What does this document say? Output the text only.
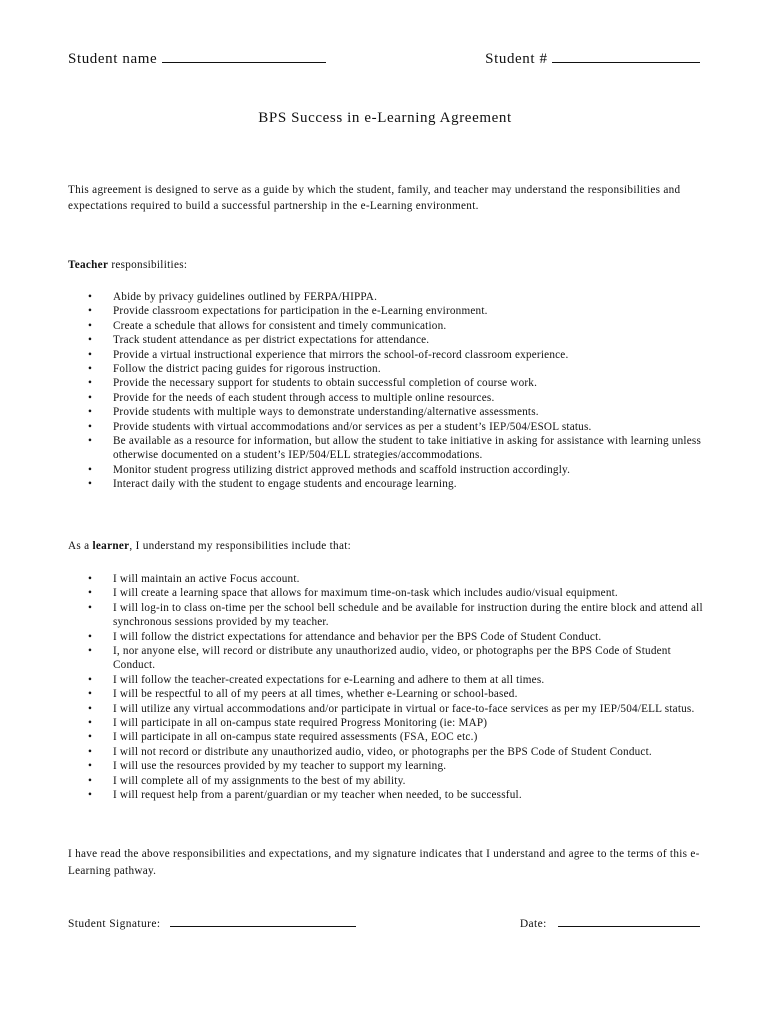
Student name	Student #
BPS Success in e-Learning Agreement
This agreement is designed to serve as a guide by which the student, family, and teacher may understand the responsibilities and expectations required to build a successful partnership in the e-Learning environment.
Teacher responsibilities:
• Abide by privacy guidelines outlined by FERPA/HIPPA.
• Provide classroom expectations for participation in the e-Learning environment.
• Create a schedule that allows for consistent and timely communication.
• Track student attendance as per district expectations for attendance.
• Provide a virtual instructional experience that mirrors the school-of-record classroom experience.
• Follow the district pacing guides for rigorous instruction.
• Provide the necessary support for students to obtain successful completion of course work.
• Provide for the needs of each student through access to multiple online resources.
• Provide students with multiple ways to demonstrate understanding/alternative assessments.
• Provide students with virtual accommodations and/or services as per a student’s IEP/504/ESOL status.
• Be available as a resource for information, but allow the student to take initiative in asking for assistance with learning unless otherwise documented on a student’s IEP/504/ELL strategies/accommodations.
• Monitor student progress utilizing district approved methods and scaffold instruction accordingly.
• Interact daily with the student to engage students and encourage learning.
As a learner, I understand my responsibilities include that:
• I will maintain an active Focus account.
• I will create a learning space that allows for maximum time-on-task which includes audio/visual equipment.
• I will log-in to class on-time per the school bell schedule and be available for instruction during the entire block and attend all synchronous sessions provided by my teacher.
• I will follow the district expectations for attendance and behavior per the BPS Code of Student Conduct.
• I, nor anyone else, will record or distribute any unauthorized audio, video, or photographs per the BPS Code of Student Conduct.
• I will follow the teacher-created expectations for e-Learning and adhere to them at all times.
• I will be respectful to all of my peers at all times, whether e-Learning or school-based.
• I will utilize any virtual accommodations and/or participate in virtual or face-to-face services as per my IEP/504/ELL status.
• I will participate in all on-campus state required Progress Monitoring (ie: MAP)
• I will participate in all on-campus state required assessments (FSA, EOC etc.)
• I will not record or distribute any unauthorized audio, video, or photographs per the BPS Code of Student Conduct.
• I will use the resources provided by my teacher to support my learning.
• I will complete all of my assignments to the best of my ability.
• I will request help from a parent/guardian or my teacher when needed, to be successful.
I have read the above responsibilities and expectations, and my signature indicates that I understand and agree to the terms of this e-Learning pathway.
Student Signature:	Date:
